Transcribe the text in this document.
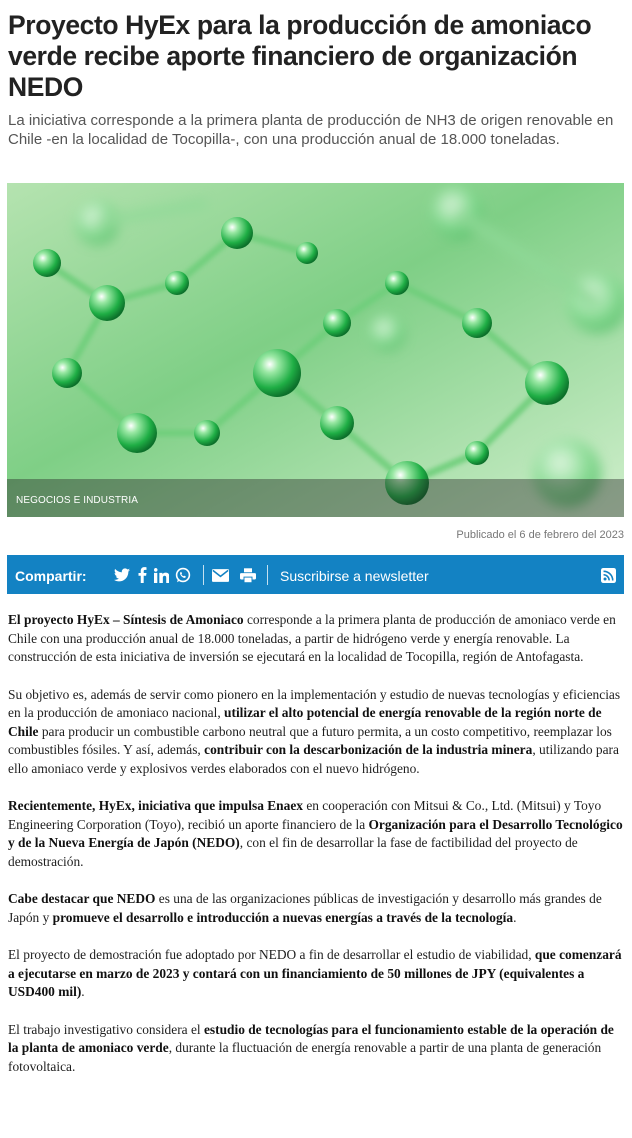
Proyecto HyEx para la producción de amoniaco verde recibe aporte financiero de organización NEDO

La iniciativa corresponde a la primera planta de producción de NH3 de origen renovable en Chile -en la localidad de Tocopilla-, con una producción anual de 18.000 toneladas.

NEGOCIOS E INDUSTRIA
Publicado el 6 de febrero del 2023
Compartir:	Suscribirse a newsletter

El proyecto HyEx – Síntesis de Amoniaco corresponde a la primera planta de producción de amoniaco verde en Chile con una producción anual de 18.000 toneladas, a partir de hidrógeno verde y energía renovable. La construcción de esta iniciativa de inversión se ejecutará en la localidad de Tocopilla, región de Antofagasta.

Su objetivo es, además de servir como pionero en la implementación y estudio de nuevas tecnologías y eficiencias en la producción de amoniaco nacional, utilizar el alto potencial de energía renovable de la región norte de Chile para producir un combustible carbono neutral que a futuro permita, a un costo competitivo, reemplazar los combustibles fósiles. Y así, además, contribuir con la descarbonización de la industria minera, utilizando para ello amoniaco verde y explosivos verdes elaborados con el nuevo hidrógeno.

Recientemente, HyEx, iniciativa que impulsa Enaex en cooperación con Mitsui & Co., Ltd. (Mitsui) y Toyo Engineering Corporation (Toyo), recibió un aporte financiero de la Organización para el Desarrollo Tecnológico y de la Nueva Energía de Japón (NEDO), con el fin de desarrollar la fase de factibilidad del proyecto de demostración.

Cabe destacar que NEDO es una de las organizaciones públicas de investigación y desarrollo más grandes de Japón y promueve el desarrollo e introducción a nuevas energías a través de la tecnología.

El proyecto de demostración fue adoptado por NEDO a fin de desarrollar el estudio de viabilidad, que comenzará a ejecutarse en marzo de 2023 y contará con un financiamiento de 50 millones de JPY (equivalentes a USD400 mil).

El trabajo investigativo considera el estudio de tecnologías para el funcionamiento estable de la operación de la planta de amoniaco verde, durante la fluctuación de energía renovable a partir de una planta de generación fotovoltaica.
